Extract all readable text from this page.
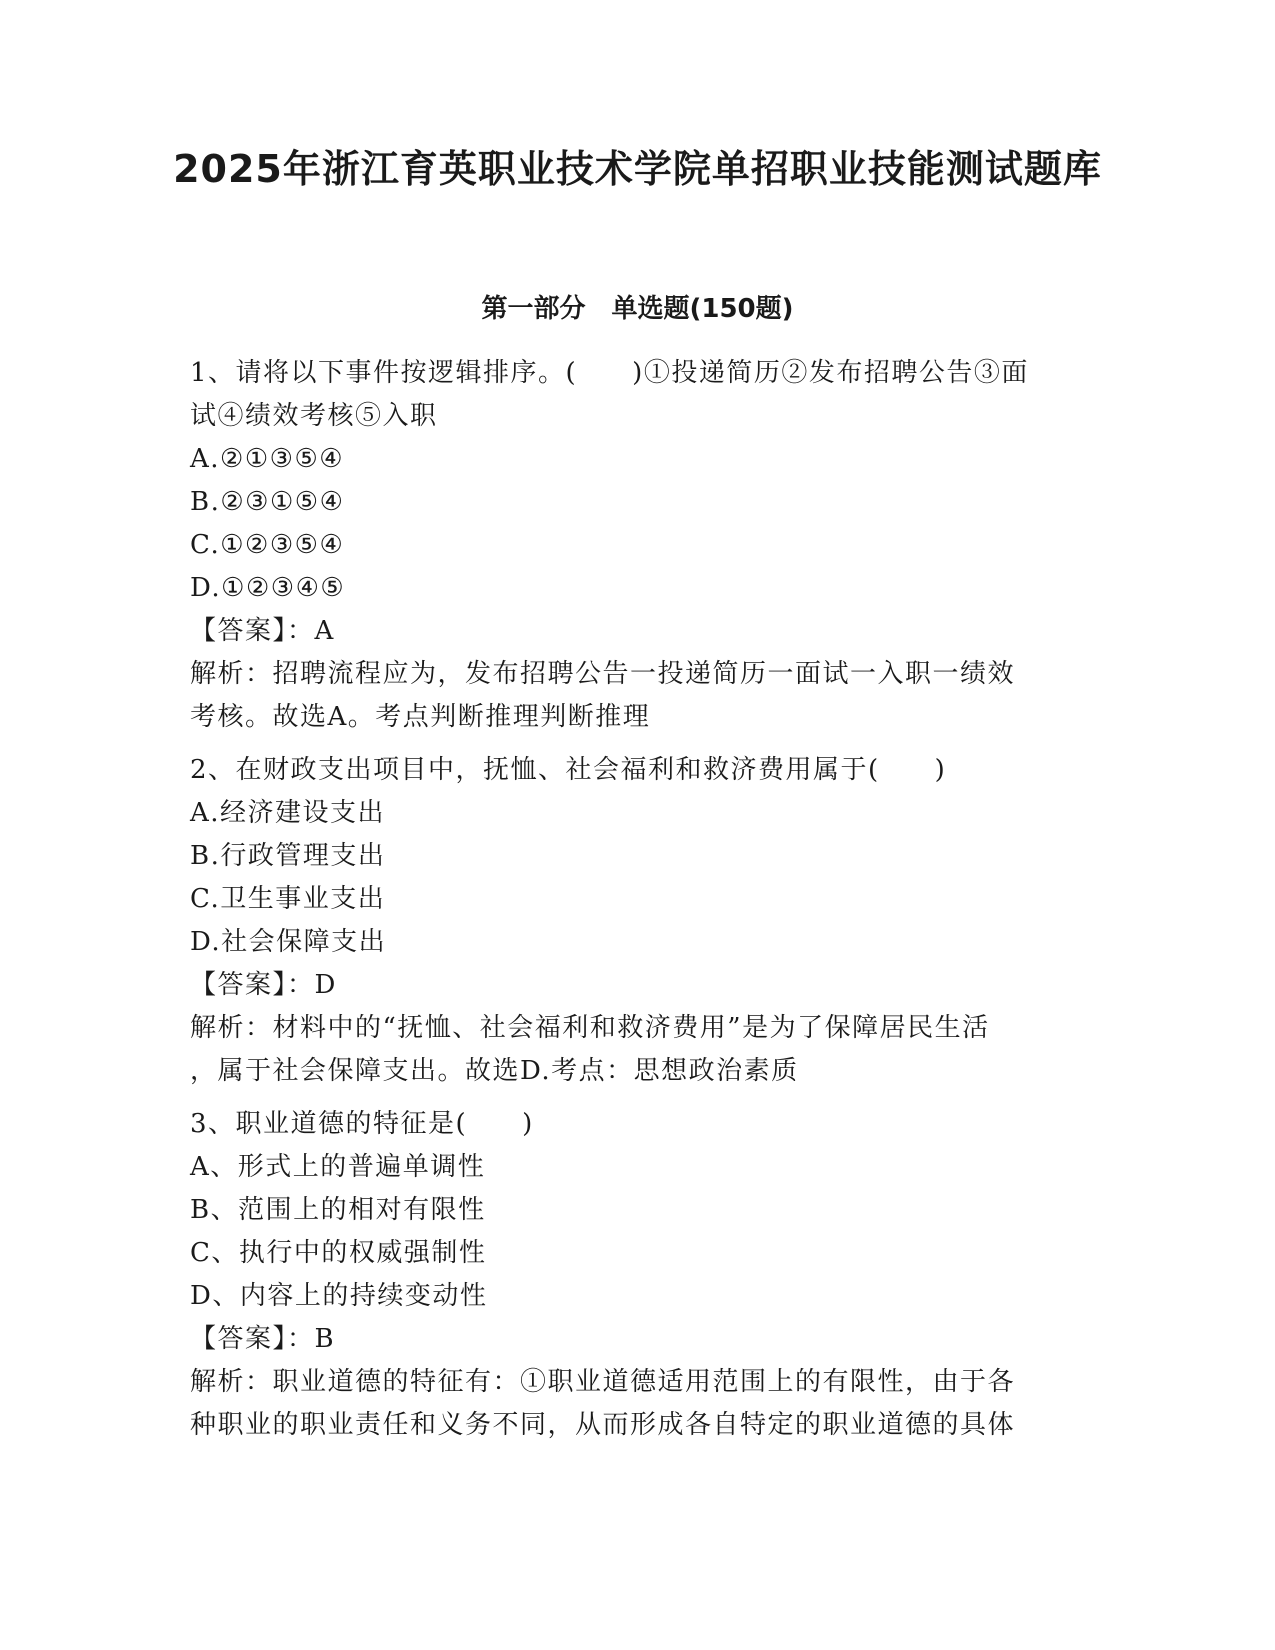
2025年浙江育英职业技术学院单招职业技能测试题库
第一部分 单选题(150题)
1、请将以下事件按逻辑排序。(　　)①投递简历②发布招聘公告③面
试④绩效考核⑤入职
A.②①③⑤④
B.②③①⑤④
C.①②③⑤④
D.①②③④⑤
【答案】：A
解析：招聘流程应为，发布招聘公告一投递简历一面试一入职一绩效
考核。故选A。考点判断推理判断推理
2、在财政支出项目中，抚恤、社会福利和救济费用属于(　　)
A.经济建设支出
B.行政管理支出
C.卫生事业支出
D.社会保障支出
【答案】：D
解析：材料中的“抚恤、社会福利和救济费用”是为了保障居民生活
，属于社会保障支出。故选D.考点：思想政治素质
3、职业道德的特征是(　　)
A、形式上的普遍单调性
B、范围上的相对有限性
C、执行中的权威强制性
D、内容上的持续变动性
【答案】：B
解析：职业道德的特征有：①职业道德适用范围上的有限性，由于各
种职业的职业责任和义务不同，从而形成各自特定的职业道德的具体
